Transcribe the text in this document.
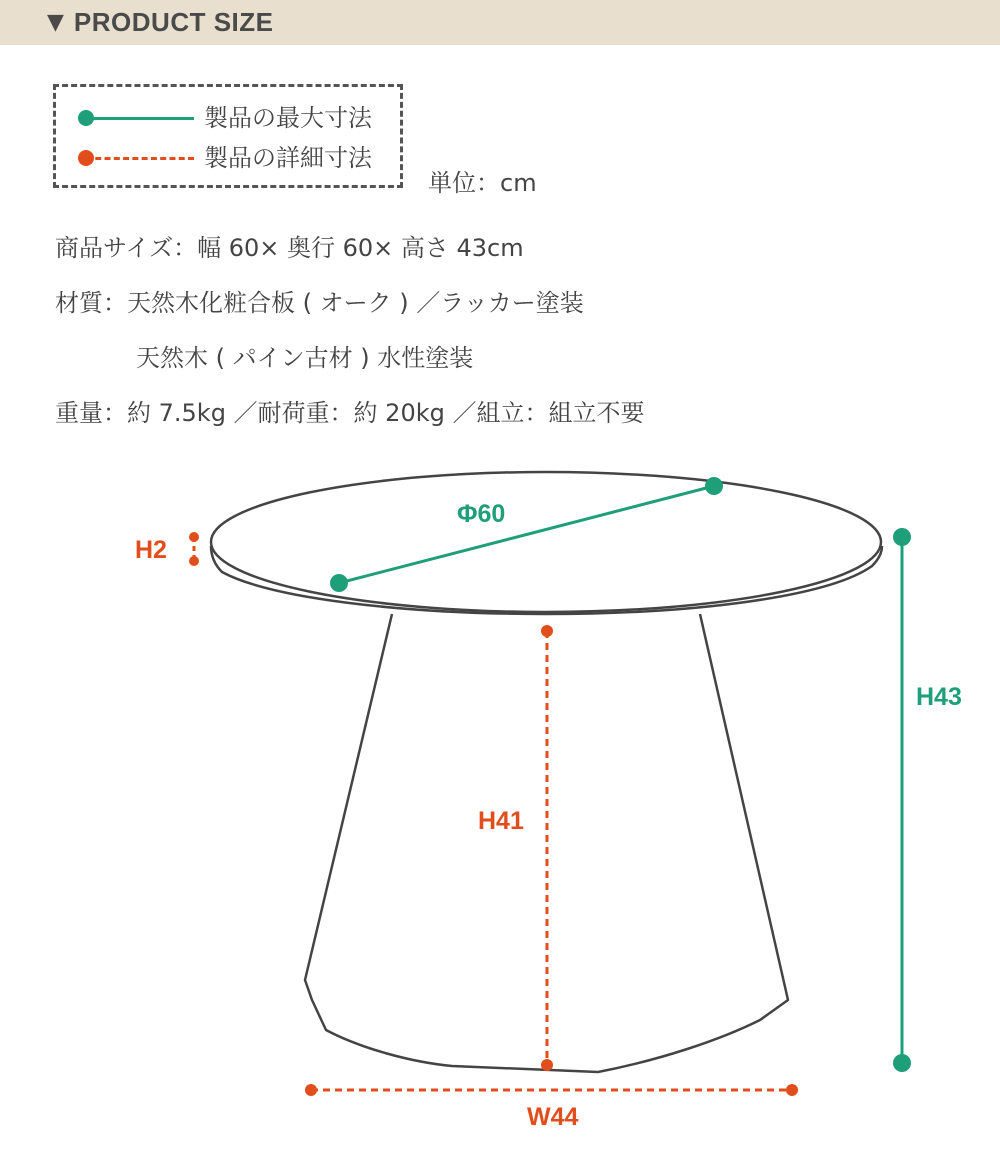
▼ PRODUCT SIZE
製品の最大寸法
製品の詳細寸法
単位：cm
商品サイズ：幅 60× 奥行 60× 高さ 43cm
材質：天然木化粧合板 ( オーク ) ／ラッカー塗装
天然木 ( パイン古材 ) 水性塗装
重量：約 7.5kg ／耐荷重：約 20kg ／組立：組立不要
Φ60
H2
H43
H41
W44
